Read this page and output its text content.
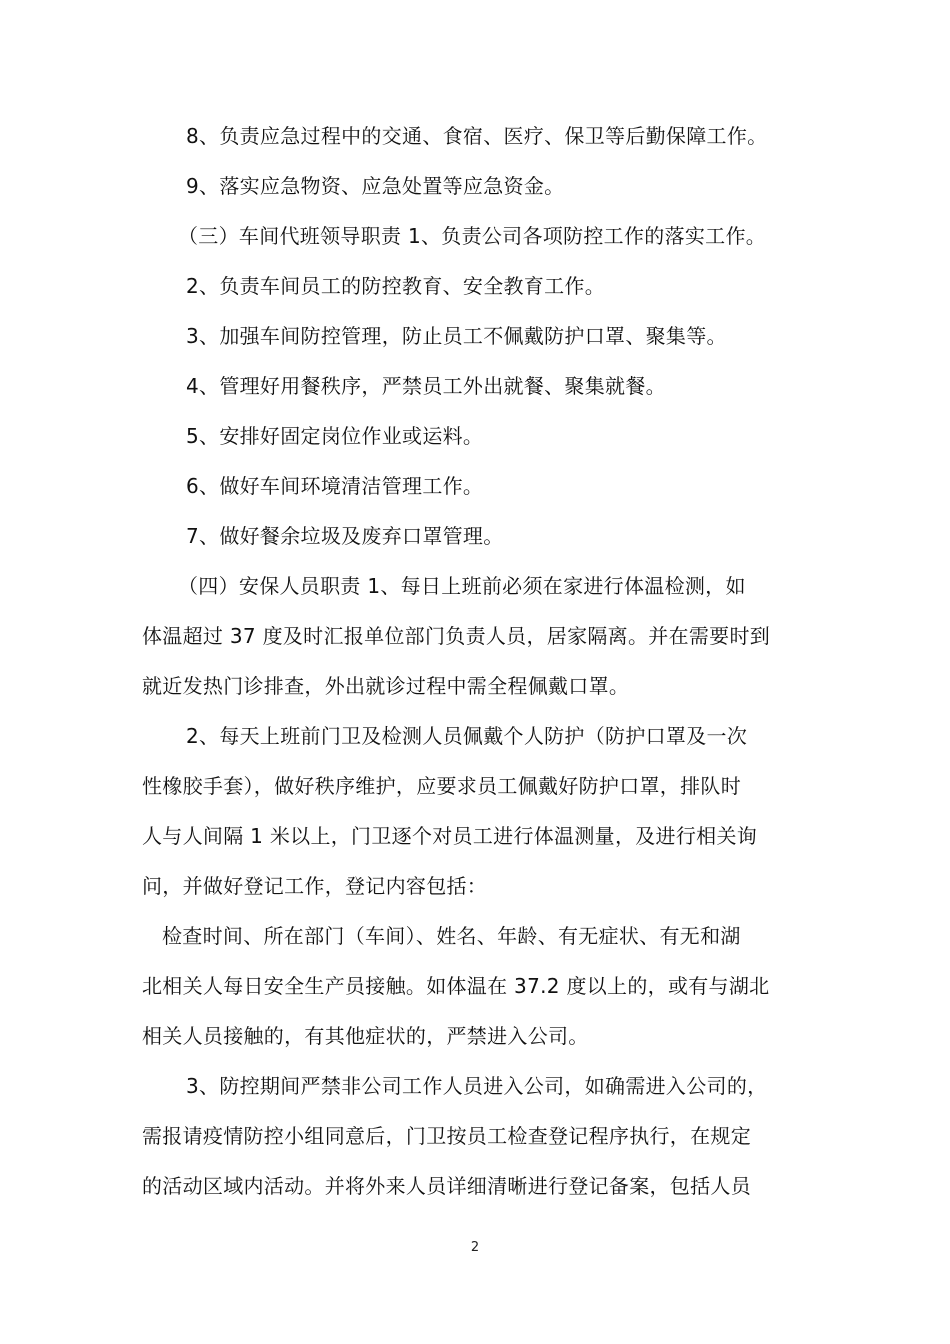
8、负责应急过程中的交通、食宿、医疗、保卫等后勤保障工作。
9、落实应急物资、应急处置等应急资金。
（三）车间代班领导职责 1、负责公司各项防控工作的落实工作。
2、负责车间员工的防控教育、安全教育工作。
3、加强车间防控管理，防止员工不佩戴防护口罩、聚集等。
4、管理好用餐秩序，严禁员工外出就餐、聚集就餐。
5、安排好固定岗位作业或运料。
6、做好车间环境清洁管理工作。
7、做好餐余垃圾及废弃口罩管理。
（四）安保人员职责 1、每日上班前必须在家进行体温检测，如
体温超过 37 度及时汇报单位部门负责人员，居家隔离。并在需要时到
就近发热门诊排查，外出就诊过程中需全程佩戴口罩。
2、每天上班前门卫及检测人员佩戴个人防护（防护口罩及一次
性橡胶手套），做好秩序维护，应要求员工佩戴好防护口罩，排队时
人与人间隔 1 米以上，门卫逐个对员工进行体温测量，及进行相关询
问，并做好登记工作，登记内容包括：
检查时间、所在部门（车间）、姓名、年龄、有无症状、有无和湖
北相关人每日安全生产员接触。如体温在 37.2 度以上的，或有与湖北
相关人员接触的，有其他症状的，严禁进入公司。
3、防控期间严禁非公司工作人员进入公司，如确需进入公司的，
需报请疫情防控小组同意后，门卫按员工检查登记程序执行，在规定
的活动区域内活动。并将外来人员详细清晰进行登记备案，包括人员
2
